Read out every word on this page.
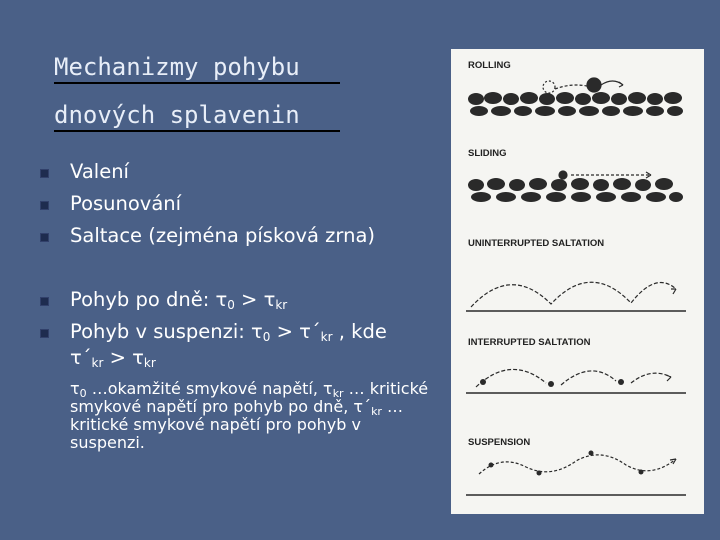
Mechanizmy pohybu
dnových splavenin
Valení
Posunování
Saltace (zejména písková zrna)
Pohyb po dně: $\tau_0 > \tau_{kr}$
Pohyb v suspenzi: $\tau_0$ > $\tau´_{kr}$ , kde
$\tau´_{kr} > \tau_{kr}$
$\tau_0$ …okamžité smykové napětí, $\tau_{kr}$ … kritické smykové napětí pro pohyb po dně, $\tau´_{kr}$ … kritické smykové napětí pro pohyb v suspenzi.
ROLLING
SLIDING
UNINTERRUPTED SALTATION
INTERRUPTED SALTATION
SUSPENSION
